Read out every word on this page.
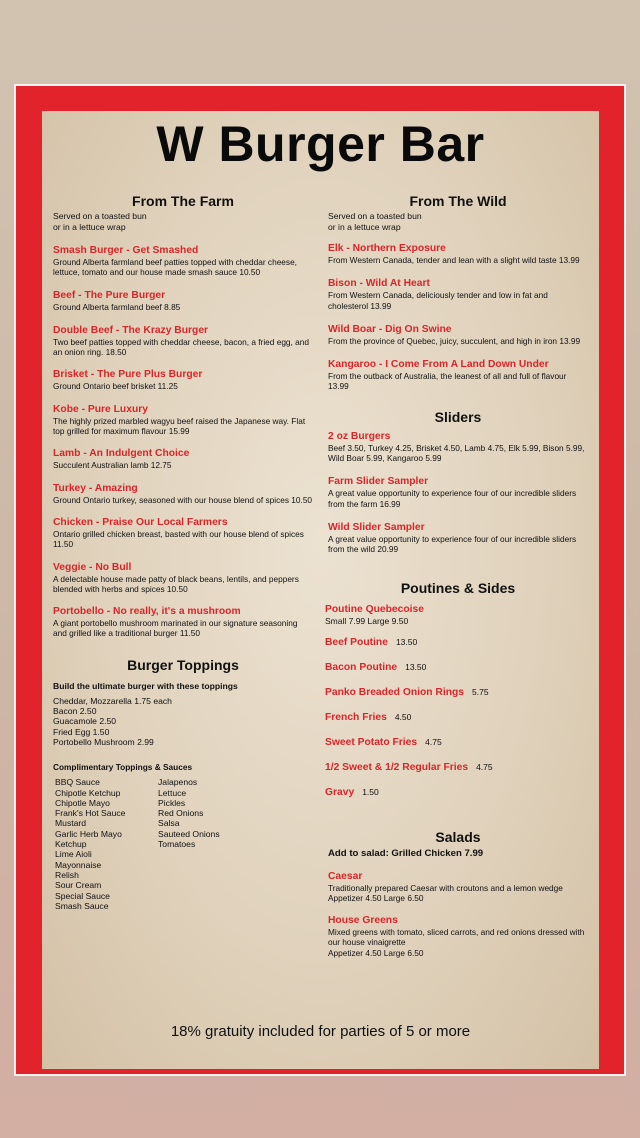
W Burger Bar
From The Farm
Served on a toasted bun
or in a lettuce wrap
Smash Burger - Get Smashed
Ground Alberta farmland beef patties topped with cheddar cheese, lettuce, tomato and our house made smash sauce 10.50
Beef - The Pure Burger
Ground Alberta farmland beef 8.85
Double Beef - The Krazy Burger
Two beef patties topped with cheddar cheese, bacon, a fried egg, and an onion ring. 18.50
Brisket - The Pure Plus Burger
Ground Ontario beef brisket 11.25
Kobe - Pure Luxury
The highly prized marbled wagyu beef raised the Japanese way. Flat top grilled for maximum flavour 15.99
Lamb - An Indulgent Choice
Succulent Australian lamb 12.75
Turkey - Amazing
Ground Ontario turkey, seasoned with our house blend of spices 10.50
Chicken - Praise Our Local Farmers
Ontario grilled chicken breast, basted with our house blend of spices 11.50
Veggie - No Bull
A delectable house made patty of black beans, lentils, and peppers blended with herbs and spices 10.50
Portobello - No really, it's a mushroom
A giant portobello mushroom marinated in our signature seasoning and grilled like a traditional burger 11.50
Burger Toppings
Build the ultimate burger with these toppings
Cheddar, Mozzarella 1.75 each
Bacon 2.50
Guacamole 2.50
Fried Egg 1.50
Portobello Mushroom 2.99
Complimentary Toppings & Sauces
BBQ Sauce
Chipotle Ketchup
Chipotle Mayo
Frank's Hot Sauce
Mustard
Garlic Herb Mayo
Ketchup
Lime Aioli
Mayonnaise
Relish
Sour Cream
Special Sauce
Smash Sauce
Jalapenos
Lettuce
Pickles
Red Onions
Salsa
Sauteed Onions
Tomatoes
From The Wild
Served on a toasted bun
or in a lettuce wrap
Elk - Northern Exposure
From Western Canada, tender and lean with a slight wild taste 13.99
Bison - Wild At Heart
From Western Canada, deliciously tender and low in fat and cholesterol 13.99
Wild Boar - Dig On Swine
From the province of Quebec, juicy, succulent, and high in iron 13.99
Kangaroo - I Come From A Land Down Under
From the outback of Australia, the leanest of all and full of flavour 13.99
Sliders
2 oz Burgers
Beef 3.50, Turkey 4.25, Brisket 4.50, Lamb 4.75, Elk 5.99, Bison 5.99, Wild Boar 5.99, Kangaroo 5.99
Farm Slider Sampler
A great value opportunity to experience four of our incredible sliders from the farm 16.99
Wild Slider Sampler
A great value opportunity to experience four of our incredible sliders from the wild 20.99
Poutines & Sides
Poutine Quebecoise
Small 7.99 Large 9.50
Beef Poutine 13.50
Bacon Poutine 13.50
Panko Breaded Onion Rings 5.75
French Fries 4.50
Sweet Potato Fries 4.75
1/2 Sweet & 1/2 Regular Fries 4.75
Gravy 1.50
Salads
Add to salad: Grilled Chicken 7.99
Caesar
Traditionally prepared Caesar with croutons and a lemon wedge
Appetizer 4.50 Large 6.50
House Greens
Mixed greens with tomato, sliced carrots, and red onions dressed with our house vinaigrette
Appetizer 4.50 Large 6.50
18% gratuity included for parties of 5 or more
